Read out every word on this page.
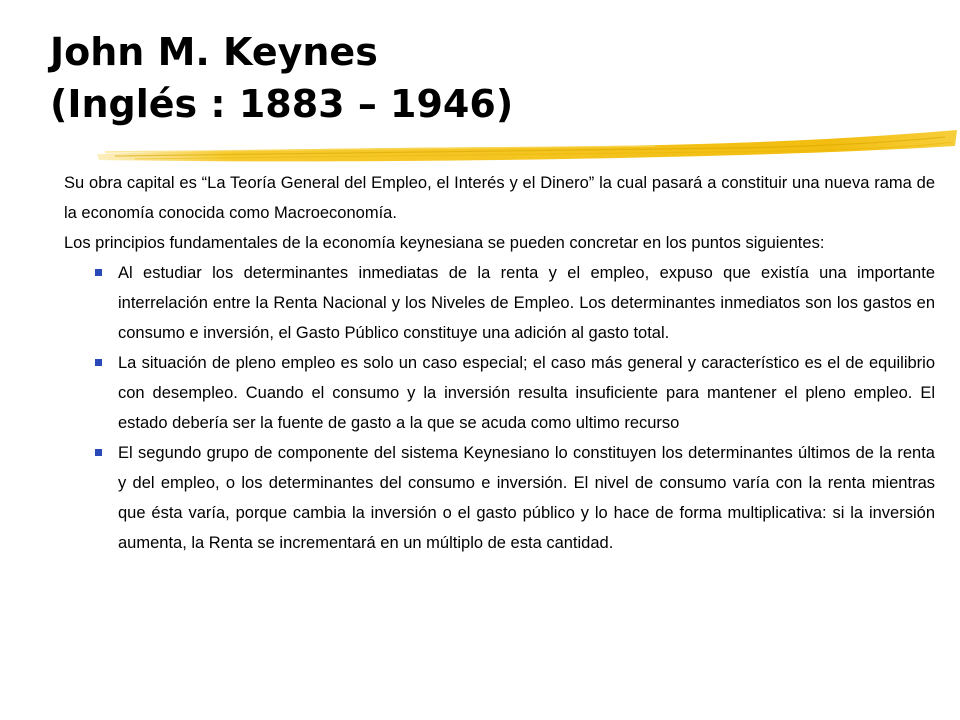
John M. Keynes
(Inglés : 1883 – 1946)

Su obra capital es “La Teoría General del Empleo, el Interés y el Dinero” la cual pasará a constituir una nueva rama de la economía conocida como Macroeconomía.

Los principios fundamentales de la economía keynesiana se pueden concretar en los puntos siguientes:

Al estudiar los determinantes inmediatas de la renta y el empleo, expuso que existía una importante interrelación entre la Renta Nacional y los Niveles de Empleo. Los determinantes inmediatos son los gastos en consumo e inversión, el Gasto Público constituye una adición al gasto total.
La situación de pleno empleo es solo un caso especial; el caso más general y característico es el de equilibrio con desempleo. Cuando el consumo y la inversión resulta insuficiente para mantener el pleno empleo. El estado debería ser la fuente de gasto a la que se acuda como ultimo recurso
El segundo grupo de componente del sistema Keynesiano lo constituyen los determinantes últimos de la renta y del empleo, o los determinantes del consumo e inversión. El nivel de consumo varía con la renta mientras que ésta varía, porque cambia la inversión o el gasto público y lo hace de forma multiplicativa: si la inversión aumenta, la Renta se incrementará en un múltiplo de esta cantidad.
